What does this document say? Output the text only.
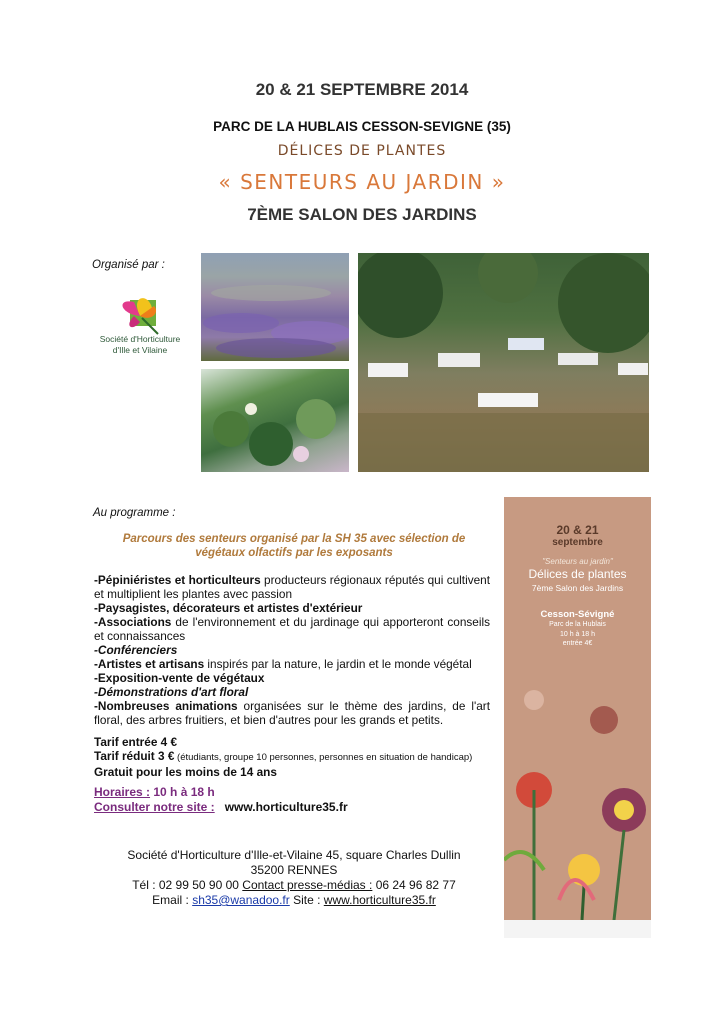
20 & 21 SEPTEMBRE 2014
PARC DE LA HUBLAIS CESSON-SEVIGNE (35)
DÉLICES DE PLANTES
« SENTEURS AU JARDIN »
7ÈME SALON DES JARDINS
Organisé par :
Société d'Horticulture
d'Ille et Vilaine
Au programme :
Parcours des senteurs organisé par la SH 35 avec sélection de végétaux olfactifs par les exposants

-Pépiniéristes et horticulteurs producteurs régionaux réputés qui cultivent et multiplient les plantes avec passion

-Paysagistes, décorateurs et artistes d'extérieur

-Associations de l'environnement et du jardinage qui apporteront conseils et connaissances

-Conférenciers

-Artistes et artisans inspirés par la nature, le jardin et le monde végétal

-Exposition-vente de végétaux

-Démonstrations d'art floral

-Nombreuses animations organisées sur le thème des jardins, de l'art floral, des arbres fruitiers, et bien d'autres pour les grands et petits.

Tarif entrée 4 €
Tarif réduit 3 € (étudiants, groupe 10 personnes, personnes en situation de handicap)
Gratuit pour les moins de 14 ans
Horaires : 10 h à 18 h
Consulter notre site : www.horticulture35.fr
Société d'Horticulture d'Ille-et-Vilaine 45, square Charles Dullin
35200 RENNES
Tél : 02 99 50 90 00 Contact presse-médias : 06 24 96 82 77
Email : sh35@wanadoo.fr Site : www.horticulture35.fr
20 & 21
septembre
"Senteurs au jardin"
Délices de plantes
7ème Salon des Jardins
Cesson-Sévigné
Parc de la Hublais
10 h à 18 h
entrée 4€
